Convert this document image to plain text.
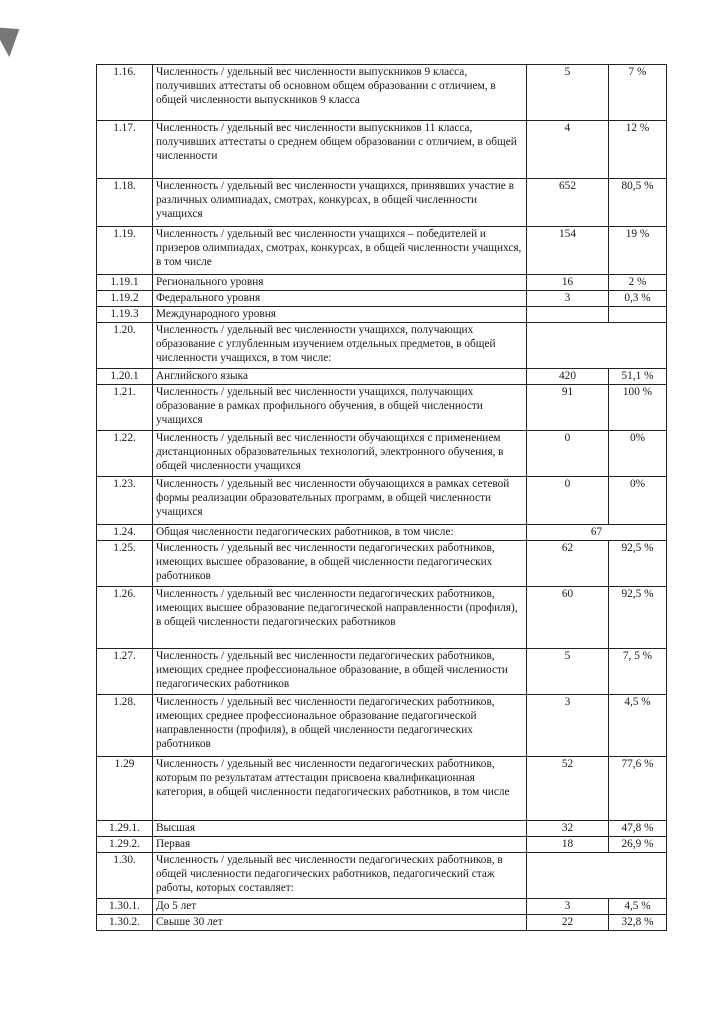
1.16.	Численность / удельный вес численности выпускников 9 класса, получивших аттестаты об основном общем образовании с отличием, в общей численности выпускников 9 класса	5	7 %
1.17.	Численность / удельный вес численности выпускников 11 класса, получивших аттестаты о среднем общем образовании с отличием, в общей численности	4	12 %
1.18.	Численность / удельный вес численности учащихся, принявших участие в различных олимпиадах, смотрах, конкурсах, в общей численности учащихся	652	80,5 %
1.19.	Численность / удельный вес численности учащихся – победителей и призеров олимпиадах, смотрах, конкурсах, в общей численности учащихся, в том числе	154	19 %
1.19.1	Регионального уровня	16	2 %
1.19.2	Федерального уровня	3	0,3 %
1.19.3	Международного уровня		
1.20.	Численность / удельный вес численности учащихся, получающих образование с углубленным изучением отдельных предметов, в общей численности учащихся, в том числе:		
1.20.1	Английского языка	420	51,1 %
1.21.	Численность / удельный вес численности учащихся, получающих образование в рамках профильного обучения, в общей численности учащихся	91	100 %
1.22.	Численность / удельный вес численности обучающихся с применением дистанционных образовательных технологий, электронного обучения, в общей численности учащихся	0	0%
1.23.	Численность / удельный вес численности обучающихся в рамках сетевой формы реализации образовательных программ, в общей численности учащихся	0	0%
1.24.	Общая численности педагогических работников, в том числе:	67	
1.25.	Численность / удельный вес численности педагогических работников, имеющих высшее образование, в общей численности педагогических работников	62	92,5 %
1.26.	Численность / удельный вес численности педагогических работников, имеющих высшее образование педагогической направленности (профиля), в общей численности педагогических работников	60	92,5 %
1.27.	Численность / удельный вес численности педагогических работников, имеющих среднее профессиональное образование, в общей численности педагогических работников	5	7, 5 %
1.28.	Численность / удельный вес численности педагогических работников, имеющих среднее профессиональное образование педагогической направленности (профиля), в общей численности педагогических работников	3	4,5 %
1.29	Численность / удельный вес численности педагогических работников, которым по результатам аттестации присвоена квалификационная категория, в общей численности педагогических работников, в том числе	52	77,6 %
1.29.1.	Высшая	32	47,8 %
1.29.2.	Первая	18	26,9 %
1.30.	Численность / удельный вес численности педагогических работников, в общей численности педагогических работников, педагогический стаж работы, которых составляет:		
1.30.1.	До 5 лет	3	4,5 %
1.30.2.	Свыше 30 лет	22	32,8 %
